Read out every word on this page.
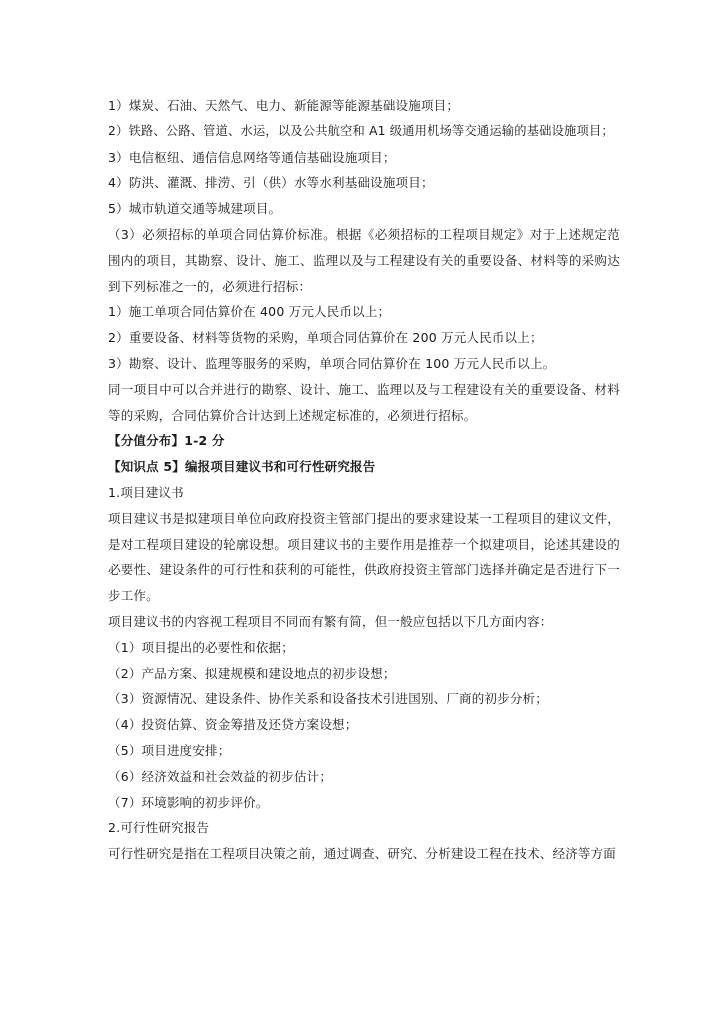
1）煤炭、石油、天然气、电力、新能源等能源基础设施项目；

2）铁路、公路、管道、水运，以及公共航空和 A1 级通用机场等交通运输的基础设施项目；

3）电信枢纽、通信信息网络等通信基础设施项目；

4）防洪、灌溉、排涝、引（供）水等水利基础设施项目；

5）城市轨道交通等城建项目。

（3）必须招标的单项合同估算价标准。根据《必须招标的工程项目规定》对于上述规定范围内的项目，其勘察、设计、施工、监理以及与工程建设有关的重要设备、材料等的采购达到下列标准之一的，必须进行招标：

1）施工单项合同估算价在 400 万元人民币以上；

2）重要设备、材料等货物的采购，单项合同估算价在 200 万元人民币以上；

3）勘察、设计、监理等服务的采购，单项合同估算价在 100 万元人民币以上。

同一项目中可以合并进行的勘察、设计、施工、监理以及与工程建设有关的重要设备、材料等的采购，合同估算价合计达到上述规定标准的，必须进行招标。

【分值分布】1-2 分

【知识点 5】编报项目建议书和可行性研究报告

1.项目建议书

项目建议书是拟建项目单位向政府投资主管部门提出的要求建设某一工程项目的建议文件，是对工程项目建设的轮廓设想。项目建议书的主要作用是推荐一个拟建项目，论述其建设的必要性、建设条件的可行性和获利的可能性，供政府投资主管部门选择并确定是否进行下一步工作。

项目建议书的内容视工程项目不同而有繁有简，但一般应包括以下几方面内容：

（1）项目提出的必要性和依据；

（2）产品方案、拟建规模和建设地点的初步设想；

（3）资源情况、建设条件、协作关系和设备技术引进国别、厂商的初步分析；

（4）投资估算、资金筹措及还贷方案设想；

（5）项目进度安排；

（6）经济效益和社会效益的初步估计；

（7）环境影响的初步评价。

2.可行性研究报告

可行性研究是指在工程项目决策之前，通过调查、研究、分析建设工程在技术、经济等方面
